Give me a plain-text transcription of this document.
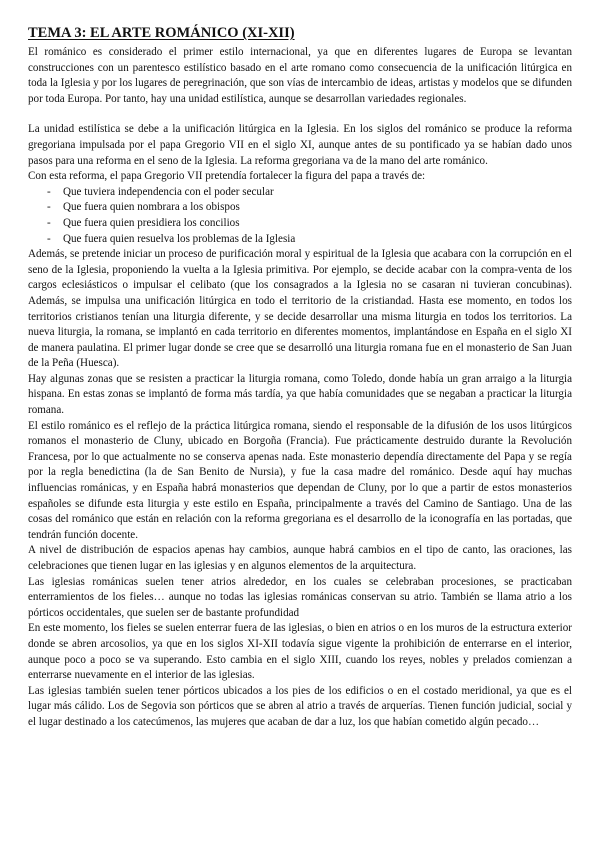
TEMA 3: EL ARTE ROMÁNICO (XI-XII)

El románico es considerado el primer estilo internacional, ya que en diferentes lugares de Europa se levantan construcciones con un parentesco estilístico basado en el arte romano como consecuencia de la unificación litúrgica en toda la Iglesia y por los lugares de peregrinación, que son vías de intercambio de ideas, artistas y modelos que se difunden por toda Europa. Por tanto, hay una unidad estilística, aunque se desarrollan variedades regionales.

La unidad estilística se debe a la unificación litúrgica en la Iglesia. En los siglos del románico se produce la reforma gregoriana impulsada por el papa Gregorio VII en el siglo XI, aunque antes de su pontificado ya se habían dado unos pasos para una reforma en el seno de la Iglesia. La reforma gregoriana va de la mano del arte románico.

Con esta reforma, el papa Gregorio VII pretendía fortalecer la figura del papa a través de:

- Que tuviera independencia con el poder secular
- Que fuera quien nombrara a los obispos
- Que fuera quien presidiera los concilios
- Que fuera quien resuelva los problemas de la Iglesia

Además, se pretende iniciar un proceso de purificación moral y espiritual de la Iglesia que acabara con la corrupción en el seno de la Iglesia, proponiendo la vuelta a la Iglesia primitiva. Por ejemplo, se decide acabar con la compra-venta de los cargos eclesiásticos o impulsar el celibato (que los consagrados a la Iglesia no se casaran ni tuvieran concubinas). Además, se impulsa una unificación litúrgica en todo el territorio de la cristiandad. Hasta ese momento, en todos los territorios cristianos tenían una liturgia diferente, y se decide desarrollar una misma liturgia en todos los territorios. La nueva liturgia, la romana, se implantó en cada territorio en diferentes momentos, implantándose en España en el siglo XI de manera paulatina. El primer lugar donde se cree que se desarrolló una liturgia romana fue en el monasterio de San Juan de la Peña (Huesca).

Hay algunas zonas que se resisten a practicar la liturgia romana, como Toledo, donde había un gran arraigo a la liturgia hispana. En estas zonas se implantó de forma más tardía, ya que había comunidades que se negaban a practicar la liturgia romana.

El estilo románico es el reflejo de la práctica litúrgica romana, siendo el responsable de la difusión de los usos litúrgicos romanos el monasterio de Cluny, ubicado en Borgoña (Francia). Fue prácticamente destruido durante la Revolución Francesa, por lo que actualmente no se conserva apenas nada. Este monasterio dependía directamente del Papa y se regía por la regla benedictina (la de San Benito de Nursia), y fue la casa madre del románico. Desde aquí hay muchas influencias románicas, y en España habrá monasterios que dependan de Cluny, por lo que a partir de estos monasterios españoles se difunde esta liturgia y este estilo en España, principalmente a través del Camino de Santiago. Una de las cosas del románico que están en relación con la reforma gregoriana es el desarrollo de la iconografía en las portadas, que tendrán función docente.

A nivel de distribución de espacios apenas hay cambios, aunque habrá cambios en el tipo de canto, las oraciones, las celebraciones que tienen lugar en las iglesias y en algunos elementos de la arquitectura.

Las iglesias románicas suelen tener atrios alrededor, en los cuales se celebraban procesiones, se practicaban enterramientos de los fieles… aunque no todas las iglesias románicas conservan su atrio. También se llama atrio a los pórticos occidentales, que suelen ser de bastante profundidad

En este momento, los fieles se suelen enterrar fuera de las iglesias, o bien en atrios o en los muros de la estructura exterior donde se abren arcosolios, ya que en los siglos XI-XII todavía sigue vigente la prohibición de enterrarse en el interior, aunque poco a poco se va superando. Esto cambia en el siglo XIII, cuando los reyes, nobles y prelados comienzan a enterrarse nuevamente en el interior de las iglesias.

Las iglesias también suelen tener pórticos ubicados a los pies de los edificios o en el costado meridional, ya que es el lugar más cálido. Los de Segovia son pórticos que se abren al atrio a través de arquerías. Tienen función judicial, social y el lugar destinado a los catecúmenos, las mujeres que acaban de dar a luz, los que habían cometido algún pecado…
